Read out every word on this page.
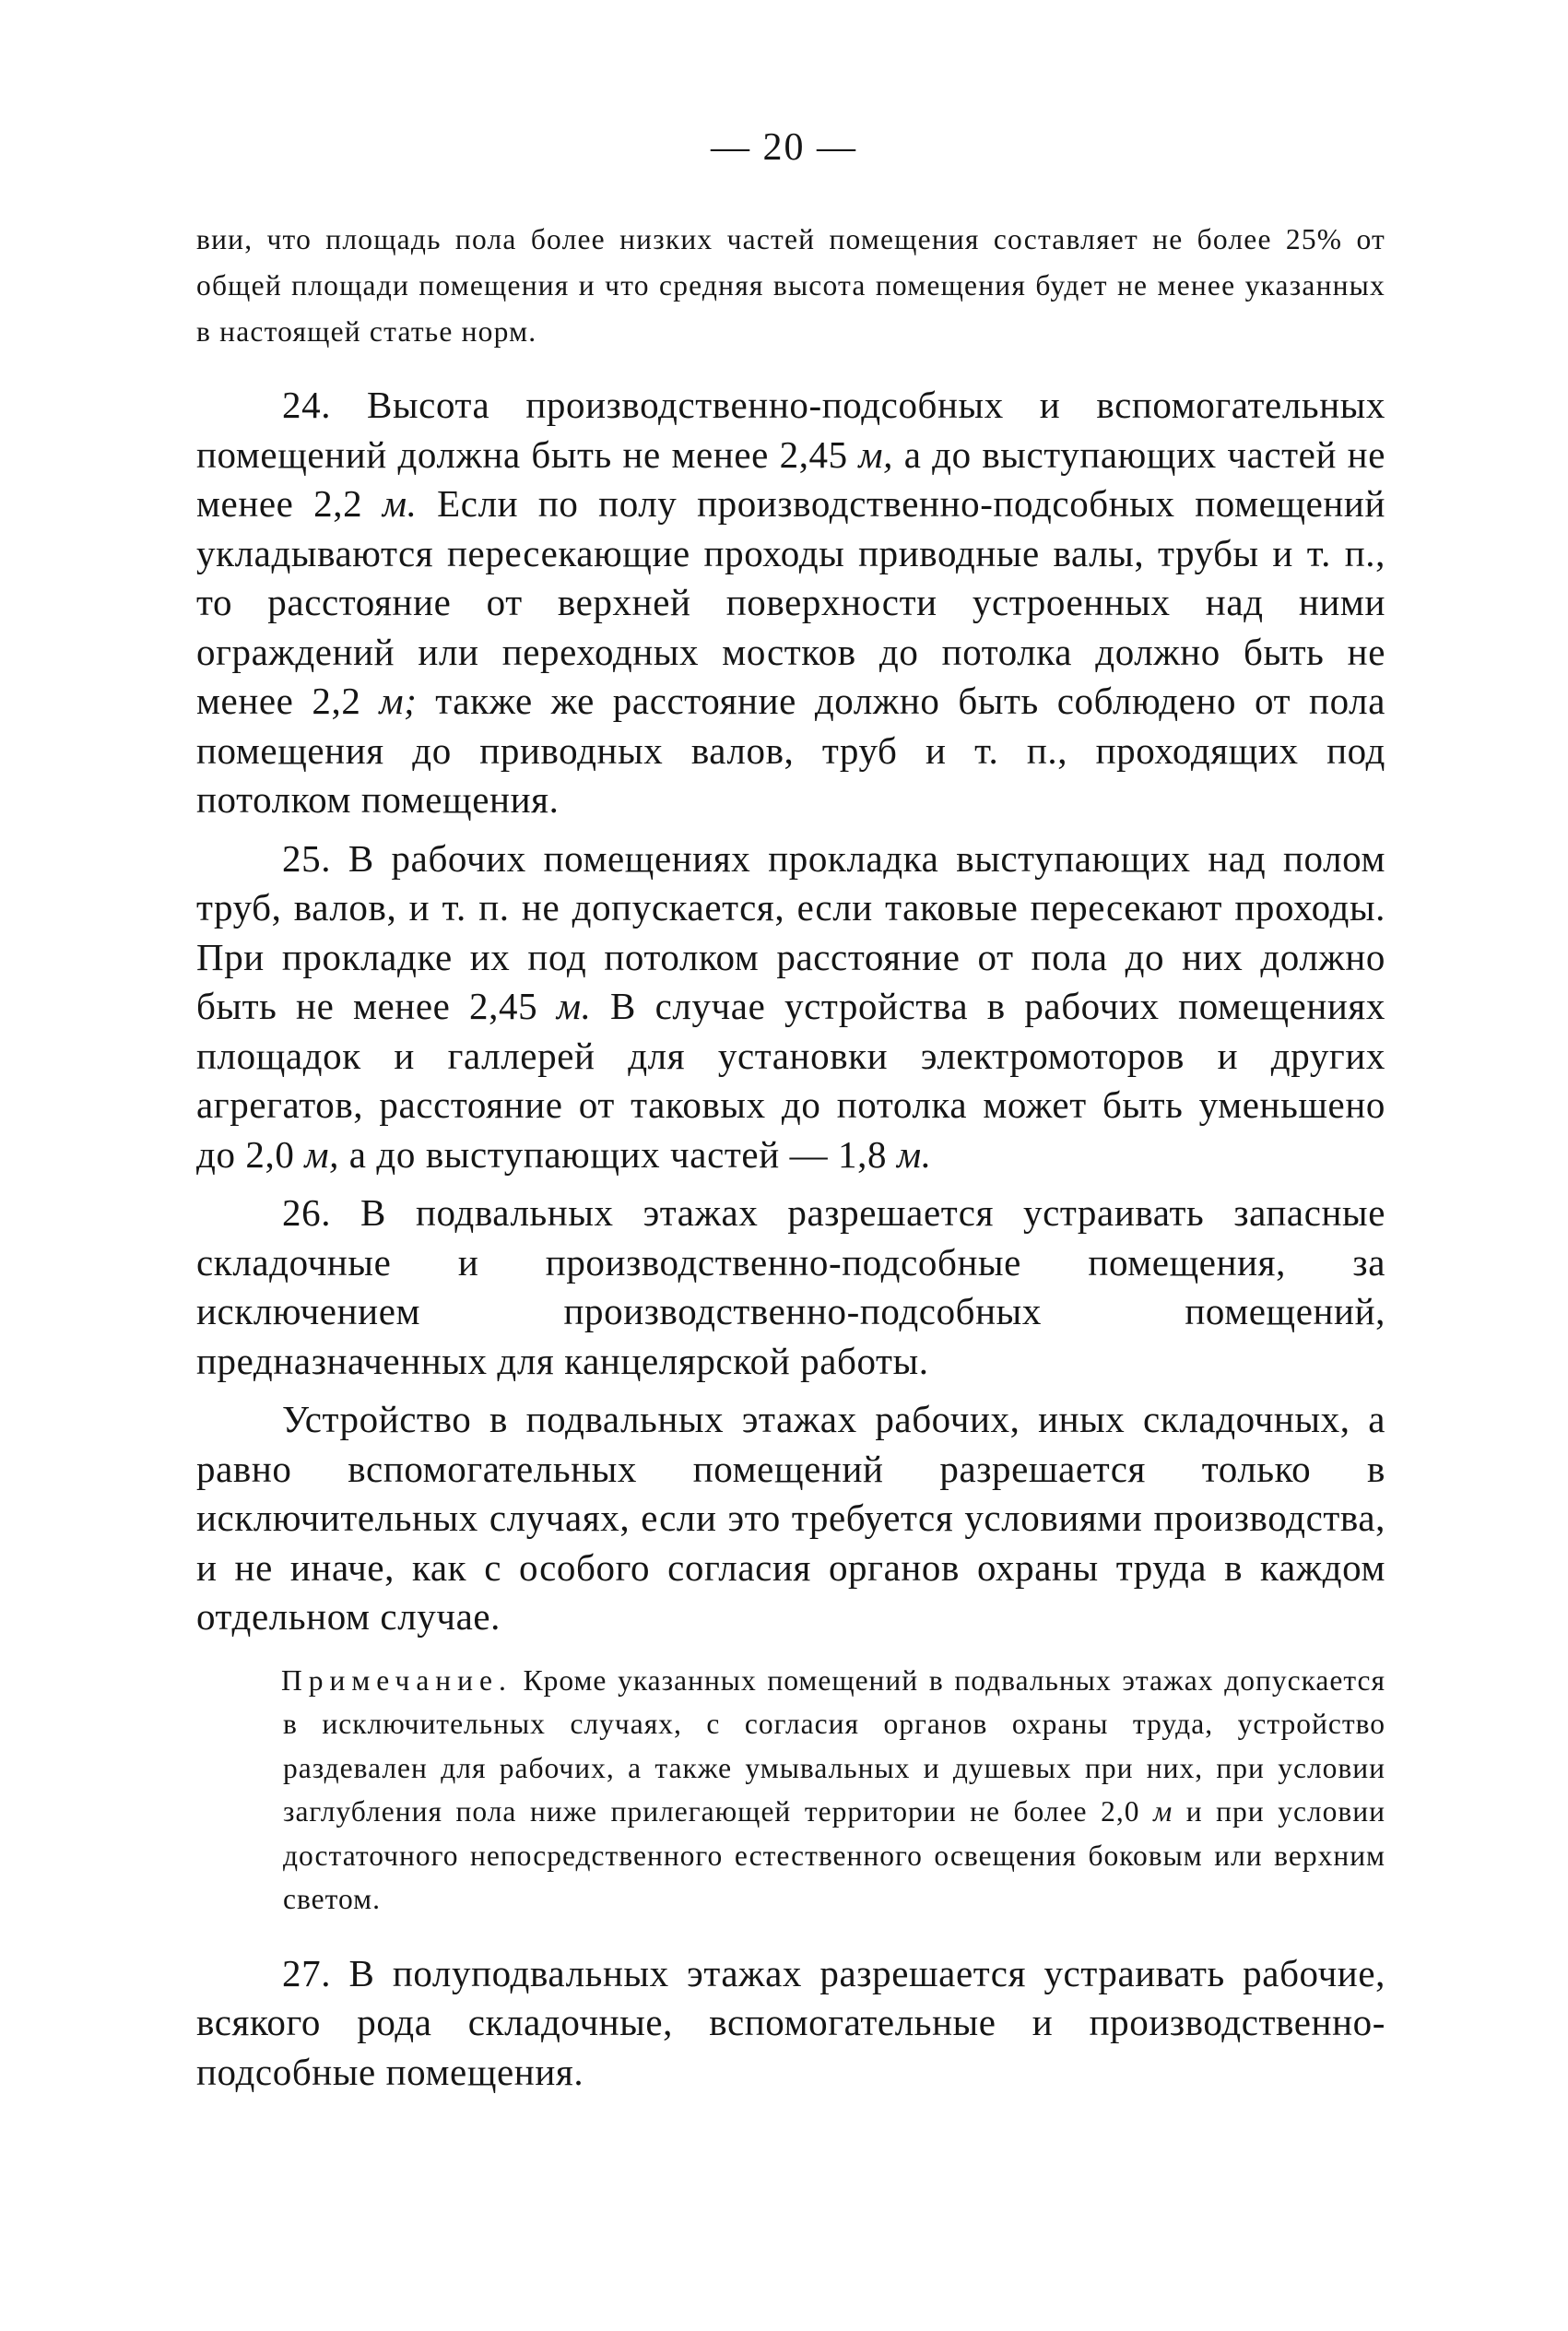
— 20 —

вии, что площадь пола более низких частей помещения составляет не более 25% от общей площади помещения и что средняя высота помещения будет не менее указанных в настоящей статье норм.

24. Высота производственно-подсобных и вспомогательных помещений должна быть не менее 2,45 м, а до выступающих частей не менее 2,2 м. Если по полу производственно-подсобных помещений укладываются пересекающие проходы приводные валы, трубы и т. п., то расстояние от верхней поверхности устроенных над ними ограждений или переходных мостков до потолка должно быть не менее 2,2 м; также же расстояние должно быть соблюдено от пола помещения до приводных валов, труб и т. п., проходящих под потолком помещения.

25. В рабочих помещениях прокладка выступающих над полом труб, валов, и т. п. не допускается, если таковые пересекают проходы. При прокладке их под потолком расстояние от пола до них должно быть не менее 2,45 м. В случае устройства в рабочих помещениях площадок и галлерей для установки электромоторов и других агрегатов, расстояние от таковых до потолка может быть уменьшено до 2,0 м, а до выступающих частей — 1,8 м.

26. В подвальных этажах разрешается устраивать запасные складочные и производственно-подсобные помещения, за исключением производственно-подсобных помещений, предназначенных для канцелярской работы.

Устройство в подвальных этажах рабочих, иных складочных, а равно вспомогательных помещений разрешается только в исключительных случаях, если это требуется условиями производства, и не иначе, как с особого согласия органов охраны труда в каждом отдельном случае.

Примечание. Кроме указанных помещений в подвальных этажах допускается в исключительных случаях, с согласия органов охраны труда, устройство раздевален для рабочих, а также умывальных и душевых при них, при условии заглубления пола ниже прилегающей территории не более 2,0 м и при условии достаточного непосредственного естественного освещения боковым или верхним светом.

27. В полуподвальных этажах разрешается устраивать рабочие, всякого рода складочные, вспомогательные и производственно-подсобные помещения.
